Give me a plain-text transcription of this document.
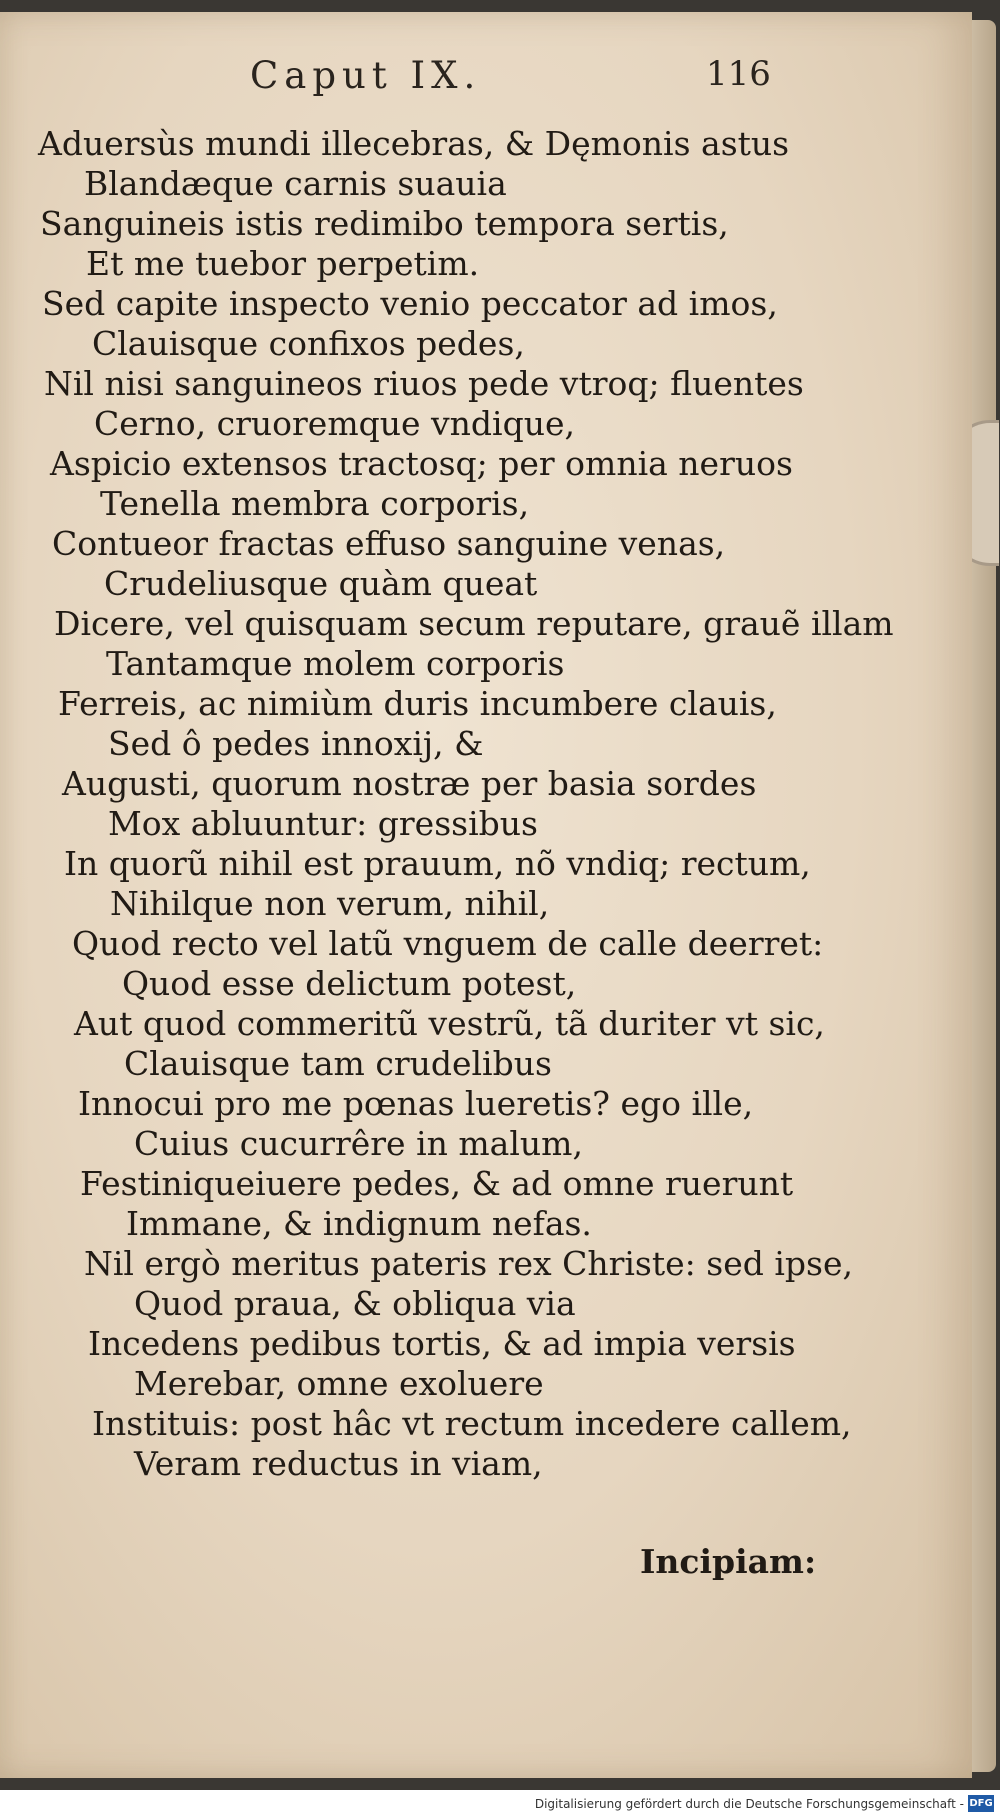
Caput IX.	116
Aduersùs mundi illecebras, & Dęmonis astus
Blandæque carnis suauia
Sanguineis istis redimibo tempora sertis,
Et me tuebor perpetim.
Sed capite inspecto venio peccator ad imos,
Clauisque confixos pedes,
Nil nisi sanguineos riuos pede vtroq; fluentes
Cerno, cruoremque vndique,
Aspicio extensos tractosq; per omnia neruos
Tenella membra corporis,
Contueor fractas effuso sanguine venas,
Crudeliusque quàm queat
Dicere, vel quisquam secum reputare, grauẽ illam
Tantamque molem corporis
Ferreis, ac nimiùm duris incumbere clauis,
Sed ô pedes innoxij, &
Augusti, quorum nostræ per basia sordes
Mox abluuntur: gressibus
In quorũ nihil est prauum, nõ vndiq; rectum,
Nihilque non verum, nihil,
Quod recto vel latũ vnguem de calle deerret:
Quod esse delictum potest,
Aut quod commeritũ vestrũ, tã duriter vt sic,
Clauisque tam crudelibus
Innocui pro me pœnas lueretis? ego ille,
Cuius cucurrêre in malum,
Festiniqueiuere pedes, & ad omne ruerunt
Immane, & indignum nefas.
Nil ergò meritus pateris rex Christe: sed ipse,
Quod praua, & obliqua via
Incedens pedibus tortis, & ad impia versis
Merebar, omne exoluere
Instituis: post hâc vt rectum incedere callem,
Veram reductus in viam,
Incipiam:
Digitalisierung gefördert durch die Deutsche Forschungsgemeinschaft - DFG
